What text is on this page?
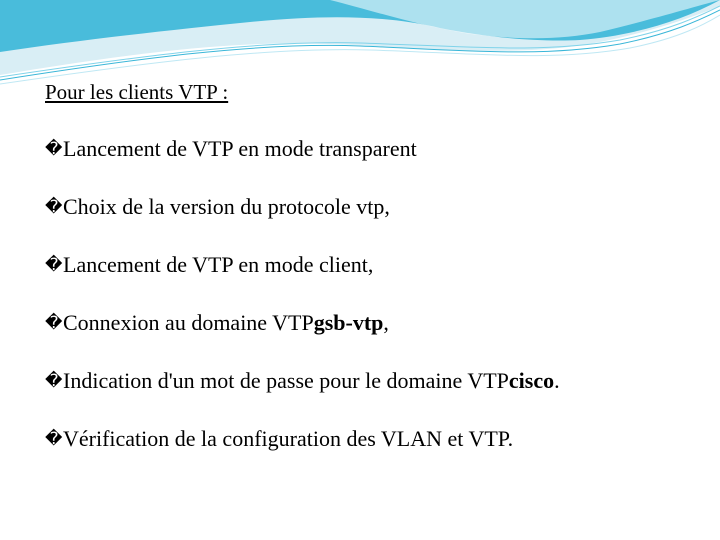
Pour les clients VTP :
� Lancement de VTP en mode transparent
� Choix de la version du protocole vtp,
� Lancement de VTP en mode client,
� Connexion au domaine VTP gsb-vtp ,
� Indication d'un mot de passe pour le domaine VTP cisco .
� Vérification de la configuration des VLAN et VTP.
